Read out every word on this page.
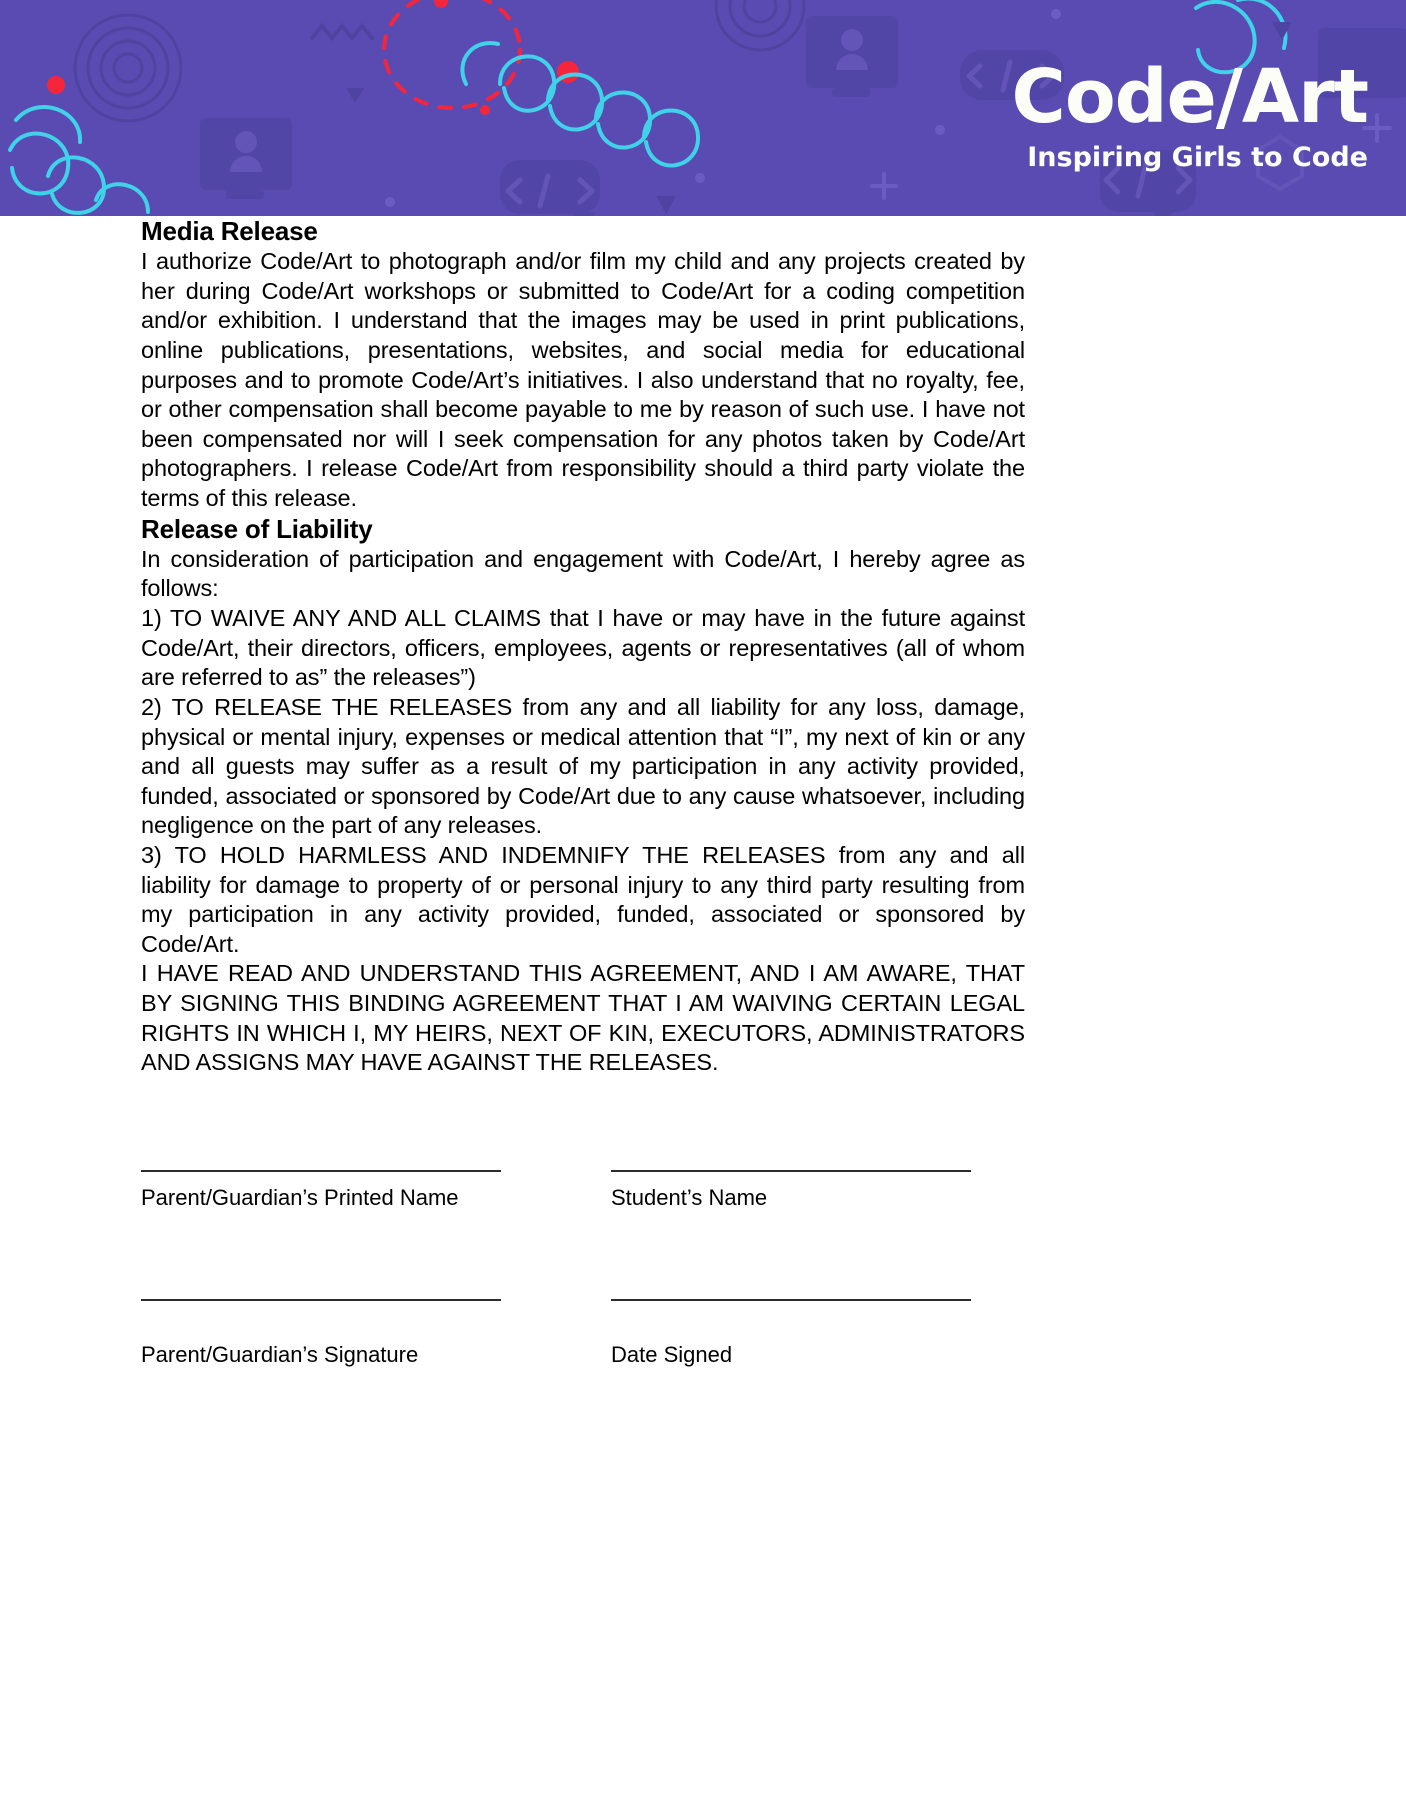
Code/Art
Inspiring Girls to Code
Media Release

I authorize Code/Art to photograph and/or film my child and any projects created by her during Code/Art workshops or submitted to Code/Art for a coding competition and/or exhibition. I understand that the images may be used in print publications, online publications, presentations, websites, and social media for educational purposes and to promote Code/Art’s initiatives. I also understand that no royalty, fee, or other compensation shall become payable to me by reason of such use. I have not been compensated nor will I seek compensation for any photos taken by Code/Art photographers. I release Code/Art from responsibility should a third party violate the terms of this release.

Release of Liability

In consideration of participation and engagement with Code/Art, I hereby agree as follows:

1) TO WAIVE ANY AND ALL CLAIMS that I have or may have in the future against Code/Art, their directors, officers, employees, agents or representatives (all of whom are referred to as” the releases”)

2) TO RELEASE THE RELEASES from any and all liability for any loss, damage, physical or mental injury, expenses or medical attention that “I”, my next of kin or any and all guests may suffer as a result of my participation in any activity provided, funded, associated or sponsored by Code/Art due to any cause whatsoever, including negligence on the part of any releases.

3) TO HOLD HARMLESS AND INDEMNIFY THE RELEASES from any and all liability for damage to property of or personal injury to any third party resulting from my participation in any activity provided, funded, associated or sponsored by Code/Art.

I HAVE READ AND UNDERSTAND THIS AGREEMENT, AND I AM AWARE, THAT BY SIGNING THIS BINDING AGREEMENT THAT I AM WAIVING CERTAIN LEGAL RIGHTS IN WHICH I, MY HEIRS, NEXT OF KIN, EXECUTORS, ADMINISTRATORS AND ASSIGNS MAY HAVE AGAINST THE RELEASES.

Parent/Guardian’s Printed Name	Student’s Name
Parent/Guardian’s Signature	Date Signed
